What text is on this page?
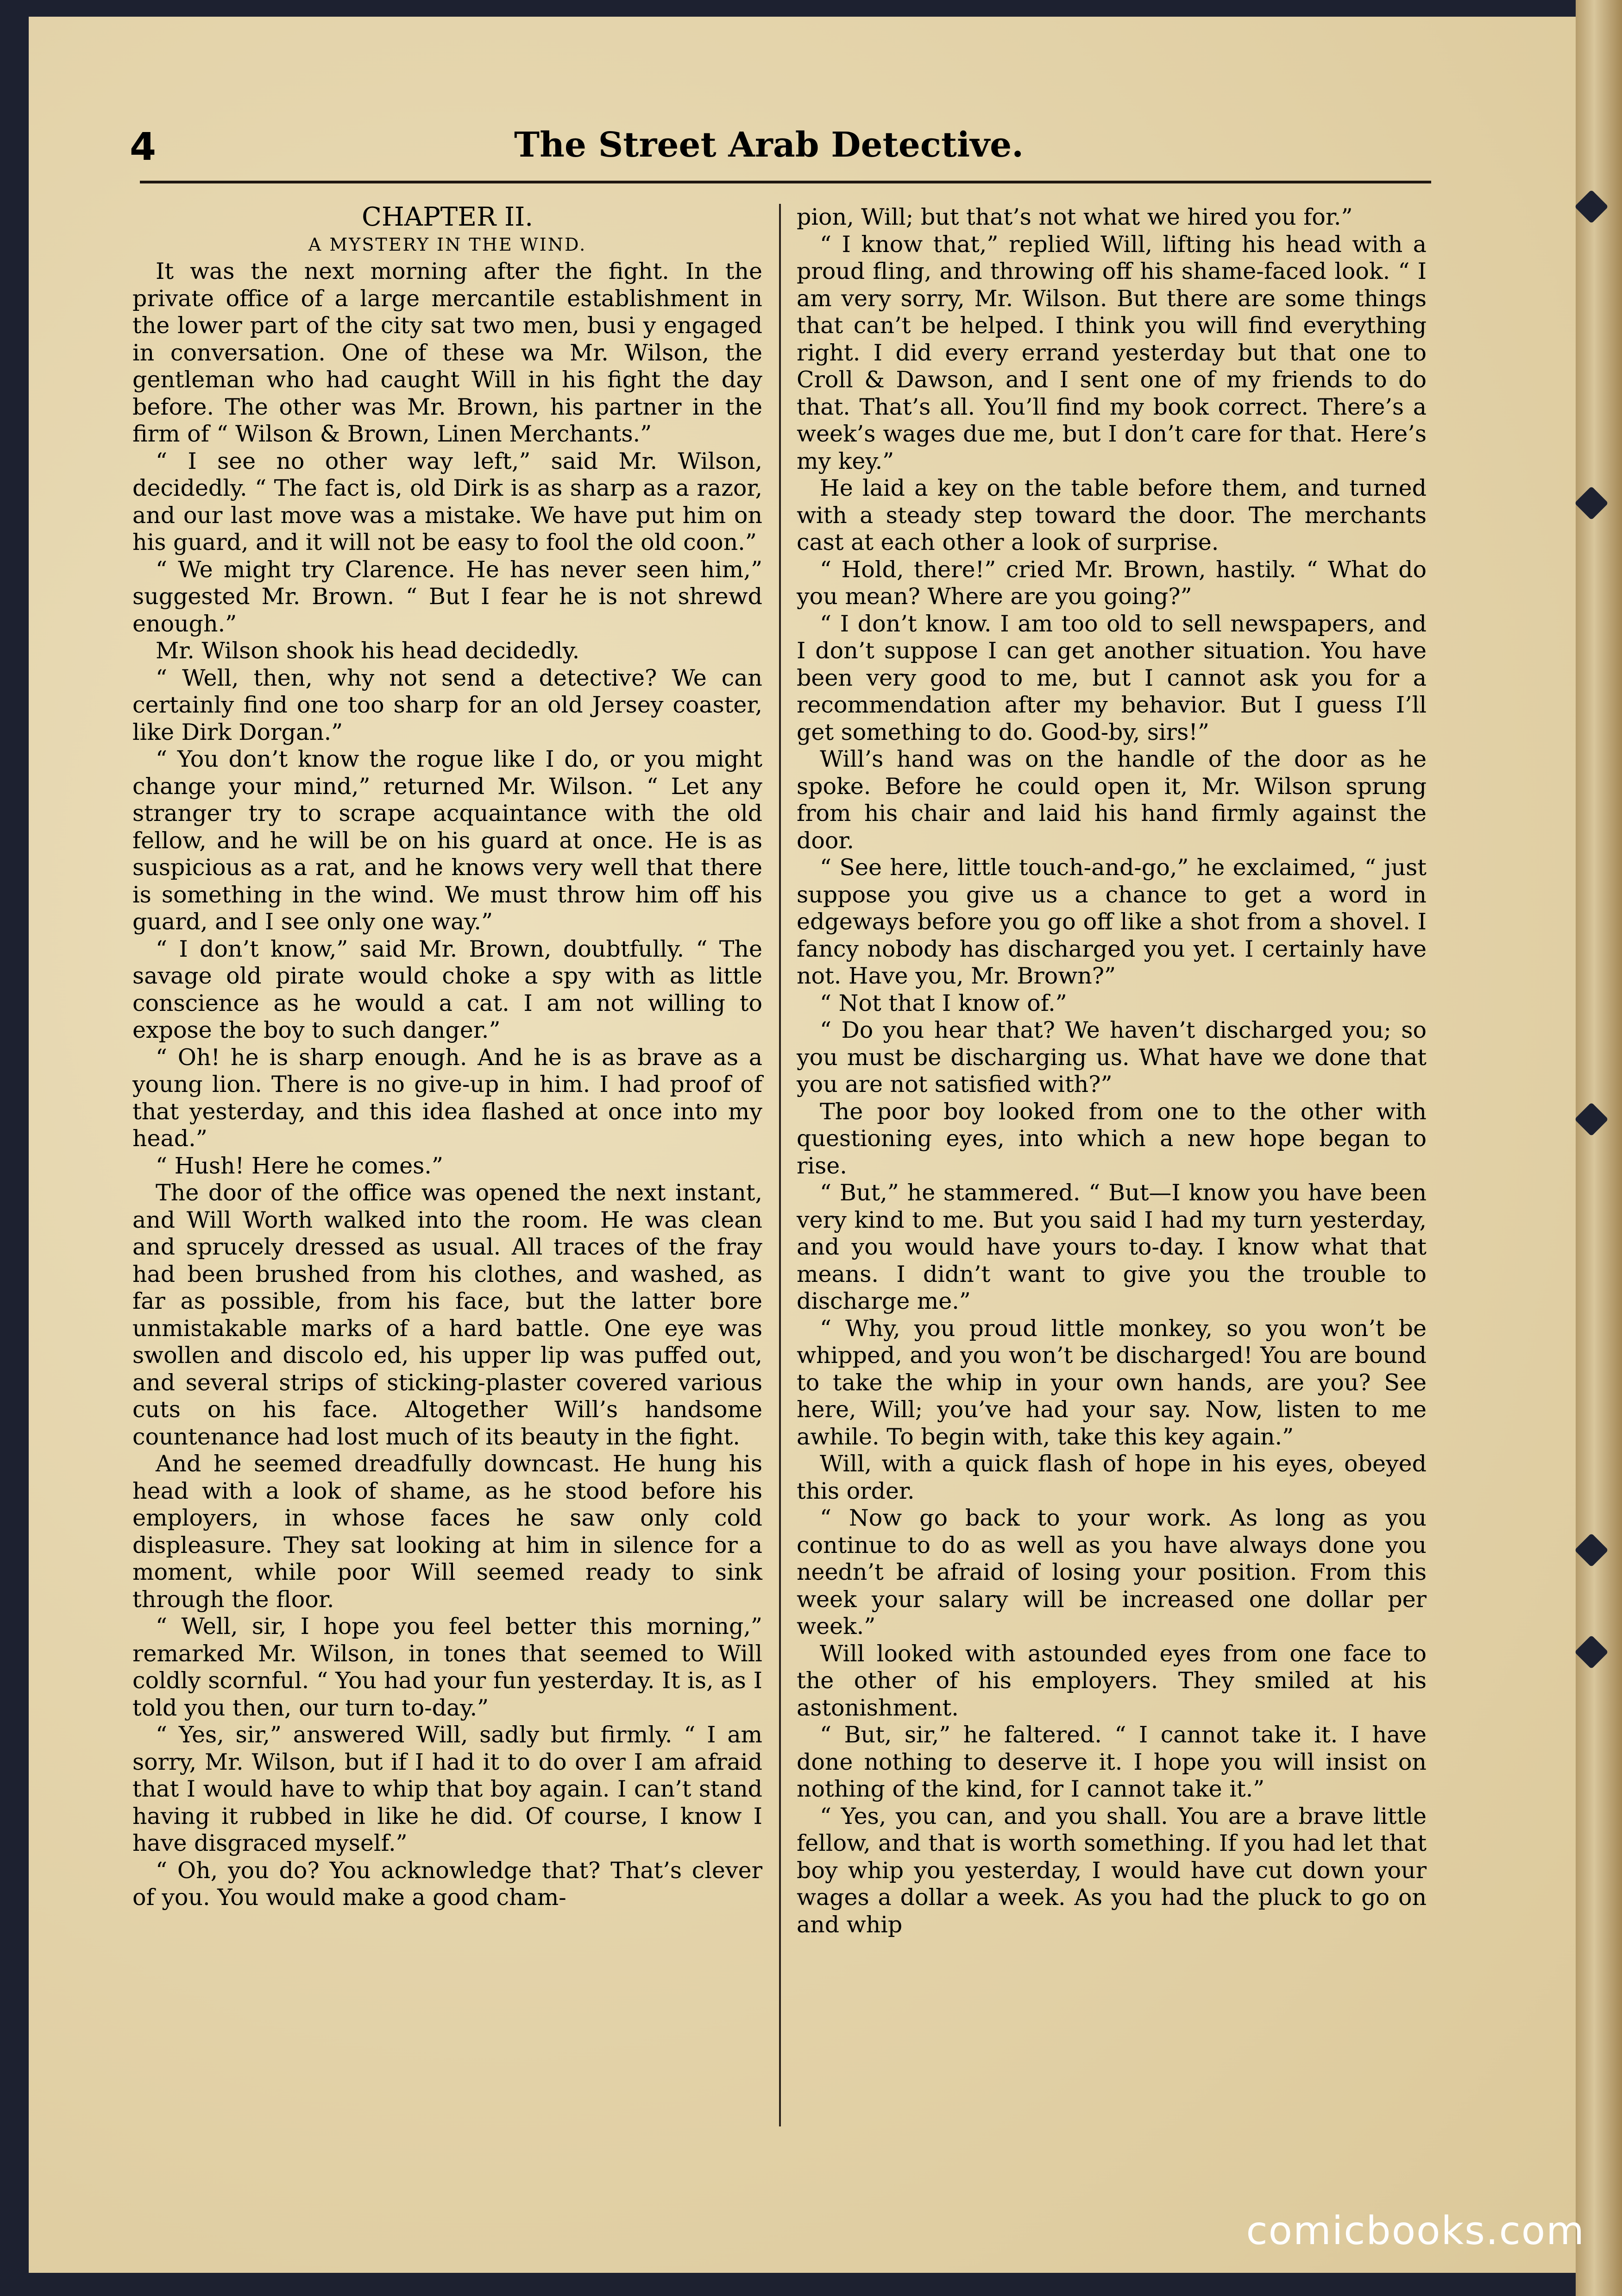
4	The Street Arab Detective.

CHAPTER II.

A MYSTERY IN THE WIND.

It was the next morning after the fight. In the private office of a large mercantile establishment in the lower part of the city sat two men, busi y engaged in conversation. One of these wa Mr. Wilson, the gentleman who had caught Will in his fight the day before. The other was Mr. Brown, his partner in the firm of “ Wilson & Brown, Linen Merchants.”

“ I see no other way left,” said Mr. Wilson, decidedly. “ The fact is, old Dirk is as sharp as a razor, and our last move was a mistake. We have put him on his guard, and it will not be easy to fool the old coon.”

“ We might try Clarence. He has never seen him,” suggested Mr. Brown. “ But I fear he is not shrewd enough.”

Mr. Wilson shook his head decidedly.

“ Well, then, why not send a detective? We can certainly find one too sharp for an old Jersey coaster, like Dirk Dorgan.”

“ You don’t know the rogue like I do, or you might change your mind,” returned Mr. Wilson. “ Let any stranger try to scrape acquaintance with the old fellow, and he will be on his guard at once. He is as suspicious as a rat, and he knows very well that there is something in the wind. We must throw him off his guard, and I see only one way.”

“ I don’t know,” said Mr. Brown, doubtfully. “ The savage old pirate would choke a spy with as little conscience as he would a cat. I am not willing to expose the boy to such danger.”

“ Oh! he is sharp enough. And he is as brave as a young lion. There is no give-up in him. I had proof of that yesterday, and this idea flashed at once into my head.”

“ Hush! Here he comes.”

The door of the office was opened the next instant, and Will Worth walked into the room. He was clean and sprucely dressed as usual. All traces of the fray had been brushed from his clothes, and washed, as far as possible, from his face, but the latter bore unmistakable marks of a hard battle. One eye was swollen and discolo ed, his upper lip was puffed out, and several strips of sticking-plaster covered various cuts on his face. Altogether Will’s handsome countenance had lost much of its beauty in the fight.

And he seemed dreadfully downcast. He hung his head with a look of shame, as he stood before his employers, in whose faces he saw only cold displeasure. They sat looking at him in silence for a moment, while poor Will seemed ready to sink through the floor.

“ Well, sir, I hope you feel better this morning,” remarked Mr. Wilson, in tones that seemed to Will coldly scornful. “ You had your fun yesterday. It is, as I told you then, our turn to-day.”

“ Yes, sir,” answered Will, sadly but firmly. “ I am sorry, Mr. Wilson, but if I had it to do over I am afraid that I would have to whip that boy again. I can’t stand having it rubbed in like he did. Of course, I know I have disgraced myself.”

“ Oh, you do? You acknowledge that? That’s clever of you. You would make a good cham-

pion, Will; but that’s not what we hired you for.”

“ I know that,” replied Will, lifting his head with a proud fling, and throwing off his shame-faced look. “ I am very sorry, Mr. Wilson. But there are some things that can’t be helped. I think you will find everything right. I did every errand yesterday but that one to Croll & Dawson, and I sent one of my friends to do that. That’s all. You’ll find my book correct. There’s a week’s wages due me, but I don’t care for that. Here’s my key.”

He laid a key on the table before them, and turned with a steady step toward the door. The merchants cast at each other a look of surprise.

“ Hold, there!” cried Mr. Brown, hastily. “ What do you mean? Where are you going?”

“ I don’t know. I am too old to sell newspapers, and I don’t suppose I can get another situation. You have been very good to me, but I cannot ask you for a recommendation after my behavior. But I guess I’ll get something to do. Good-by, sirs!”

Will’s hand was on the handle of the door as he spoke. Before he could open it, Mr. Wilson sprung from his chair and laid his hand firmly against the door.

“ See here, little touch-and-go,” he exclaimed, “ just suppose you give us a chance to get a word in edgeways before you go off like a shot from a shovel. I fancy nobody has discharged you yet. I certainly have not. Have you, Mr. Brown?”

“ Not that I know of.”

“ Do you hear that? We haven’t discharged you; so you must be discharging us. What have we done that you are not satisfied with?”

The poor boy looked from one to the other with questioning eyes, into which a new hope began to rise.

“ But,” he stammered. “ But—I know you have been very kind to me. But you said I had my turn yesterday, and you would have yours to-day. I know what that means. I didn’t want to give you the trouble to discharge me.”

“ Why, you proud little monkey, so you won’t be whipped, and you won’t be discharged! You are bound to take the whip in your own hands, are you? See here, Will; you’ve had your say. Now, listen to me awhile. To begin with, take this key again.”

Will, with a quick flash of hope in his eyes, obeyed this order.

“ Now go back to your work. As long as you continue to do as well as you have always done you needn’t be afraid of losing your position. From this week your salary will be increased one dollar per week.”

Will looked with astounded eyes from one face to the other of his employers. They smiled at his astonishment.

“ But, sir,” he faltered. “ I cannot take it. I have done nothing to deserve it. I hope you will insist on nothing of the kind, for I cannot take it.”

“ Yes, you can, and you shall. You are a brave little fellow, and that is worth something. If you had let that boy whip you yesterday, I would have cut down your wages a dollar a week. As you had the pluck to go on and whip

comicbooks.com
